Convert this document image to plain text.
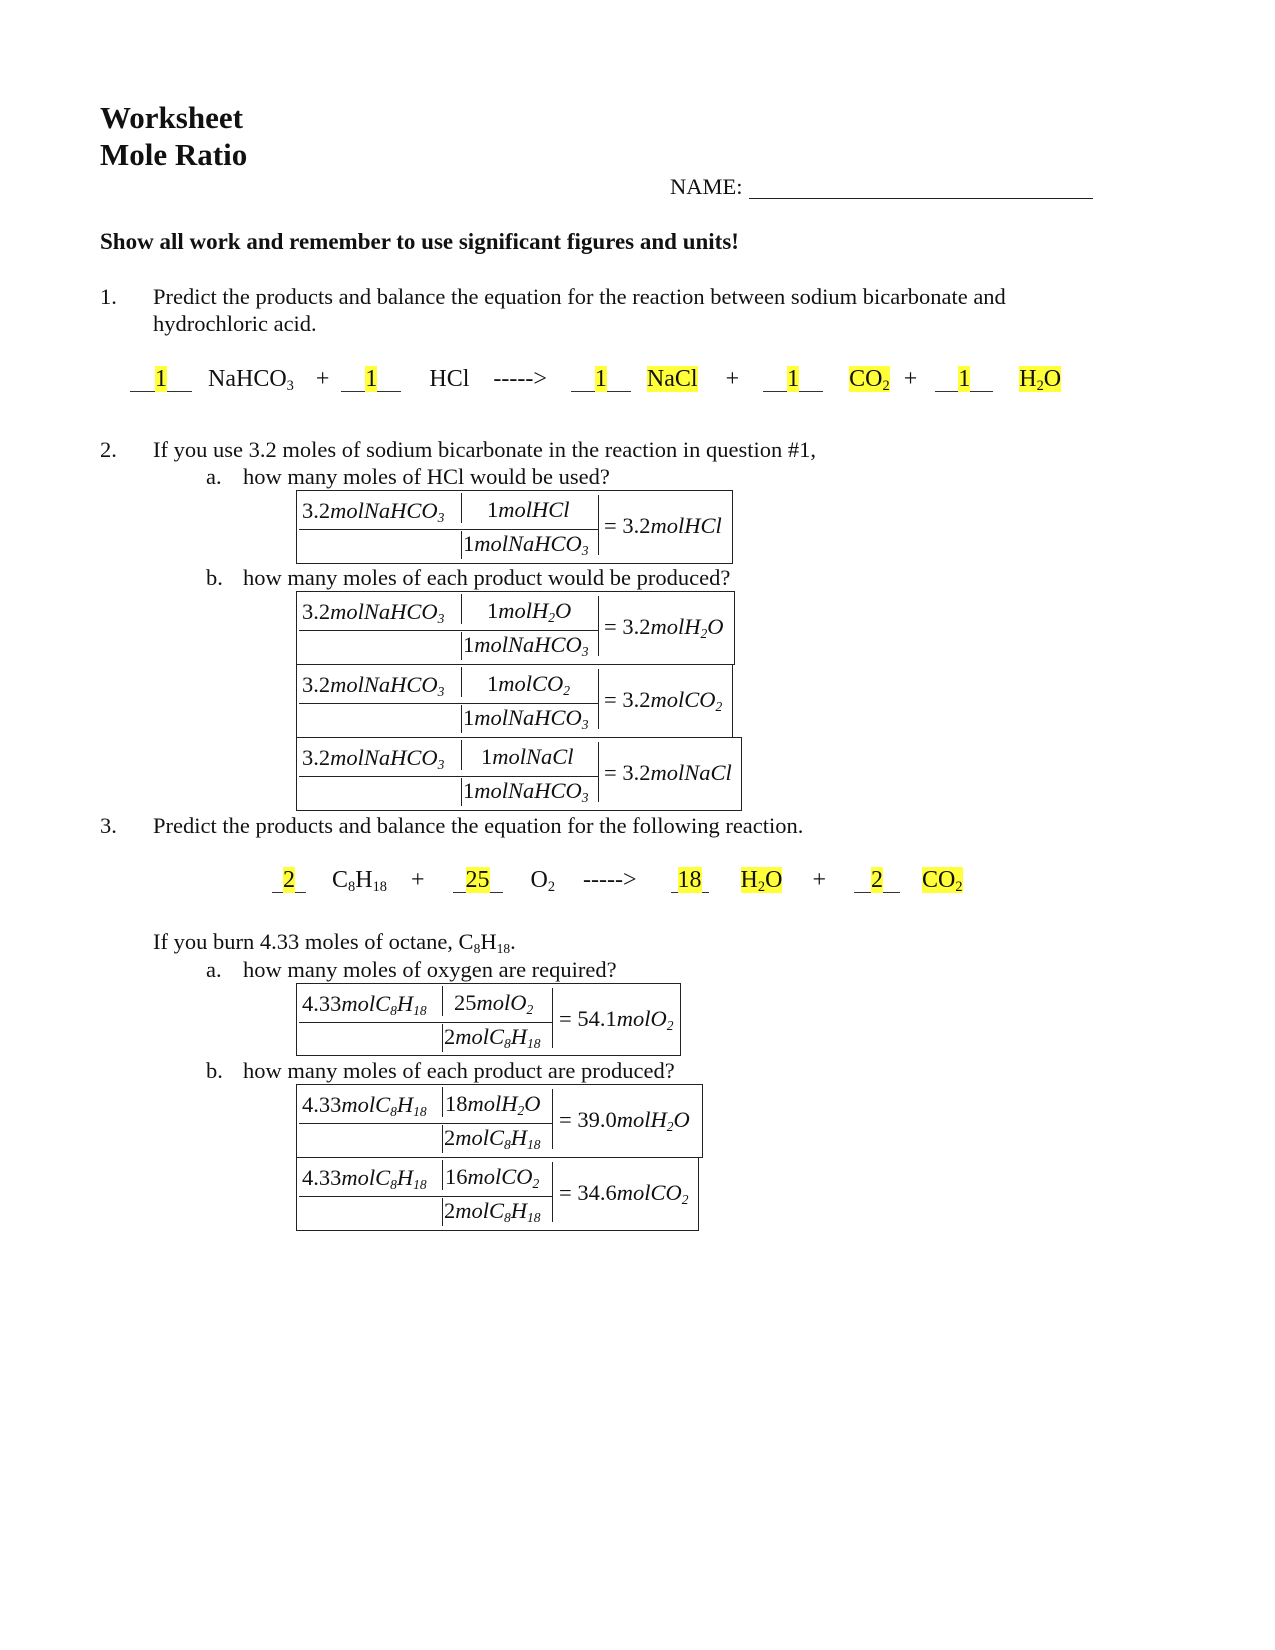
Worksheet
Mole Ratio
NAME:
Show all work and remember to use significant figures and units!
1. Predict the products and balance the equation for the reaction between sodium bicarbonate and
hydrochloric acid.
1 NaHCO$_3$ + 1 HCl -----> 1 NaCl + 1 $CO_2 + 1$ $H_2O$
2. If you use 3.2 moles of sodium bicarbonate in the reaction in question #1,
a. how many moles of HCl would be used?
3.2molNaHCO$_3$ 1molHCl
1molNaHCO$_3$
= 3.2molHCl
b. how many moles of each product would be produced?
3.2molNaHCO$_3$ 1molH$_2$O
1molNaHCO$_3$
= 3.2molH$_2$O
3.2molNaHCO$_3$ 1molCO$_2$
1molNaHCO$_3$
= 3.2molCO$_2$
3.2molNaHCO$_3$ 1molNaCl
1molNaHCO$_3$
= 3.2molNaCl
3. Predict the products and balance the equation for the following reaction.
2 $C_8H_{18} + 25$ $O_2$ -----> 18 $H_2O + 2$ $CO_2$
If you burn 4.33 moles of octane, $C_8H_{18}$.
a. how many moles of oxygen are required?
$4.33molC_8H_{18}$ 25molO$_2$
$2molC_8H_{18}$
= 54.1molO$_2$
b. how many moles of each product are produced?
$4.33molC_8H_{18}$ 18molH$_2$O
$2molC_8H_{18}$
= 39.0molH$_2$O
$4.33molC_8H_{18}$ 16molCO$_2$
$2molC_8H_{18}$
= 34.6molCO$_2$
